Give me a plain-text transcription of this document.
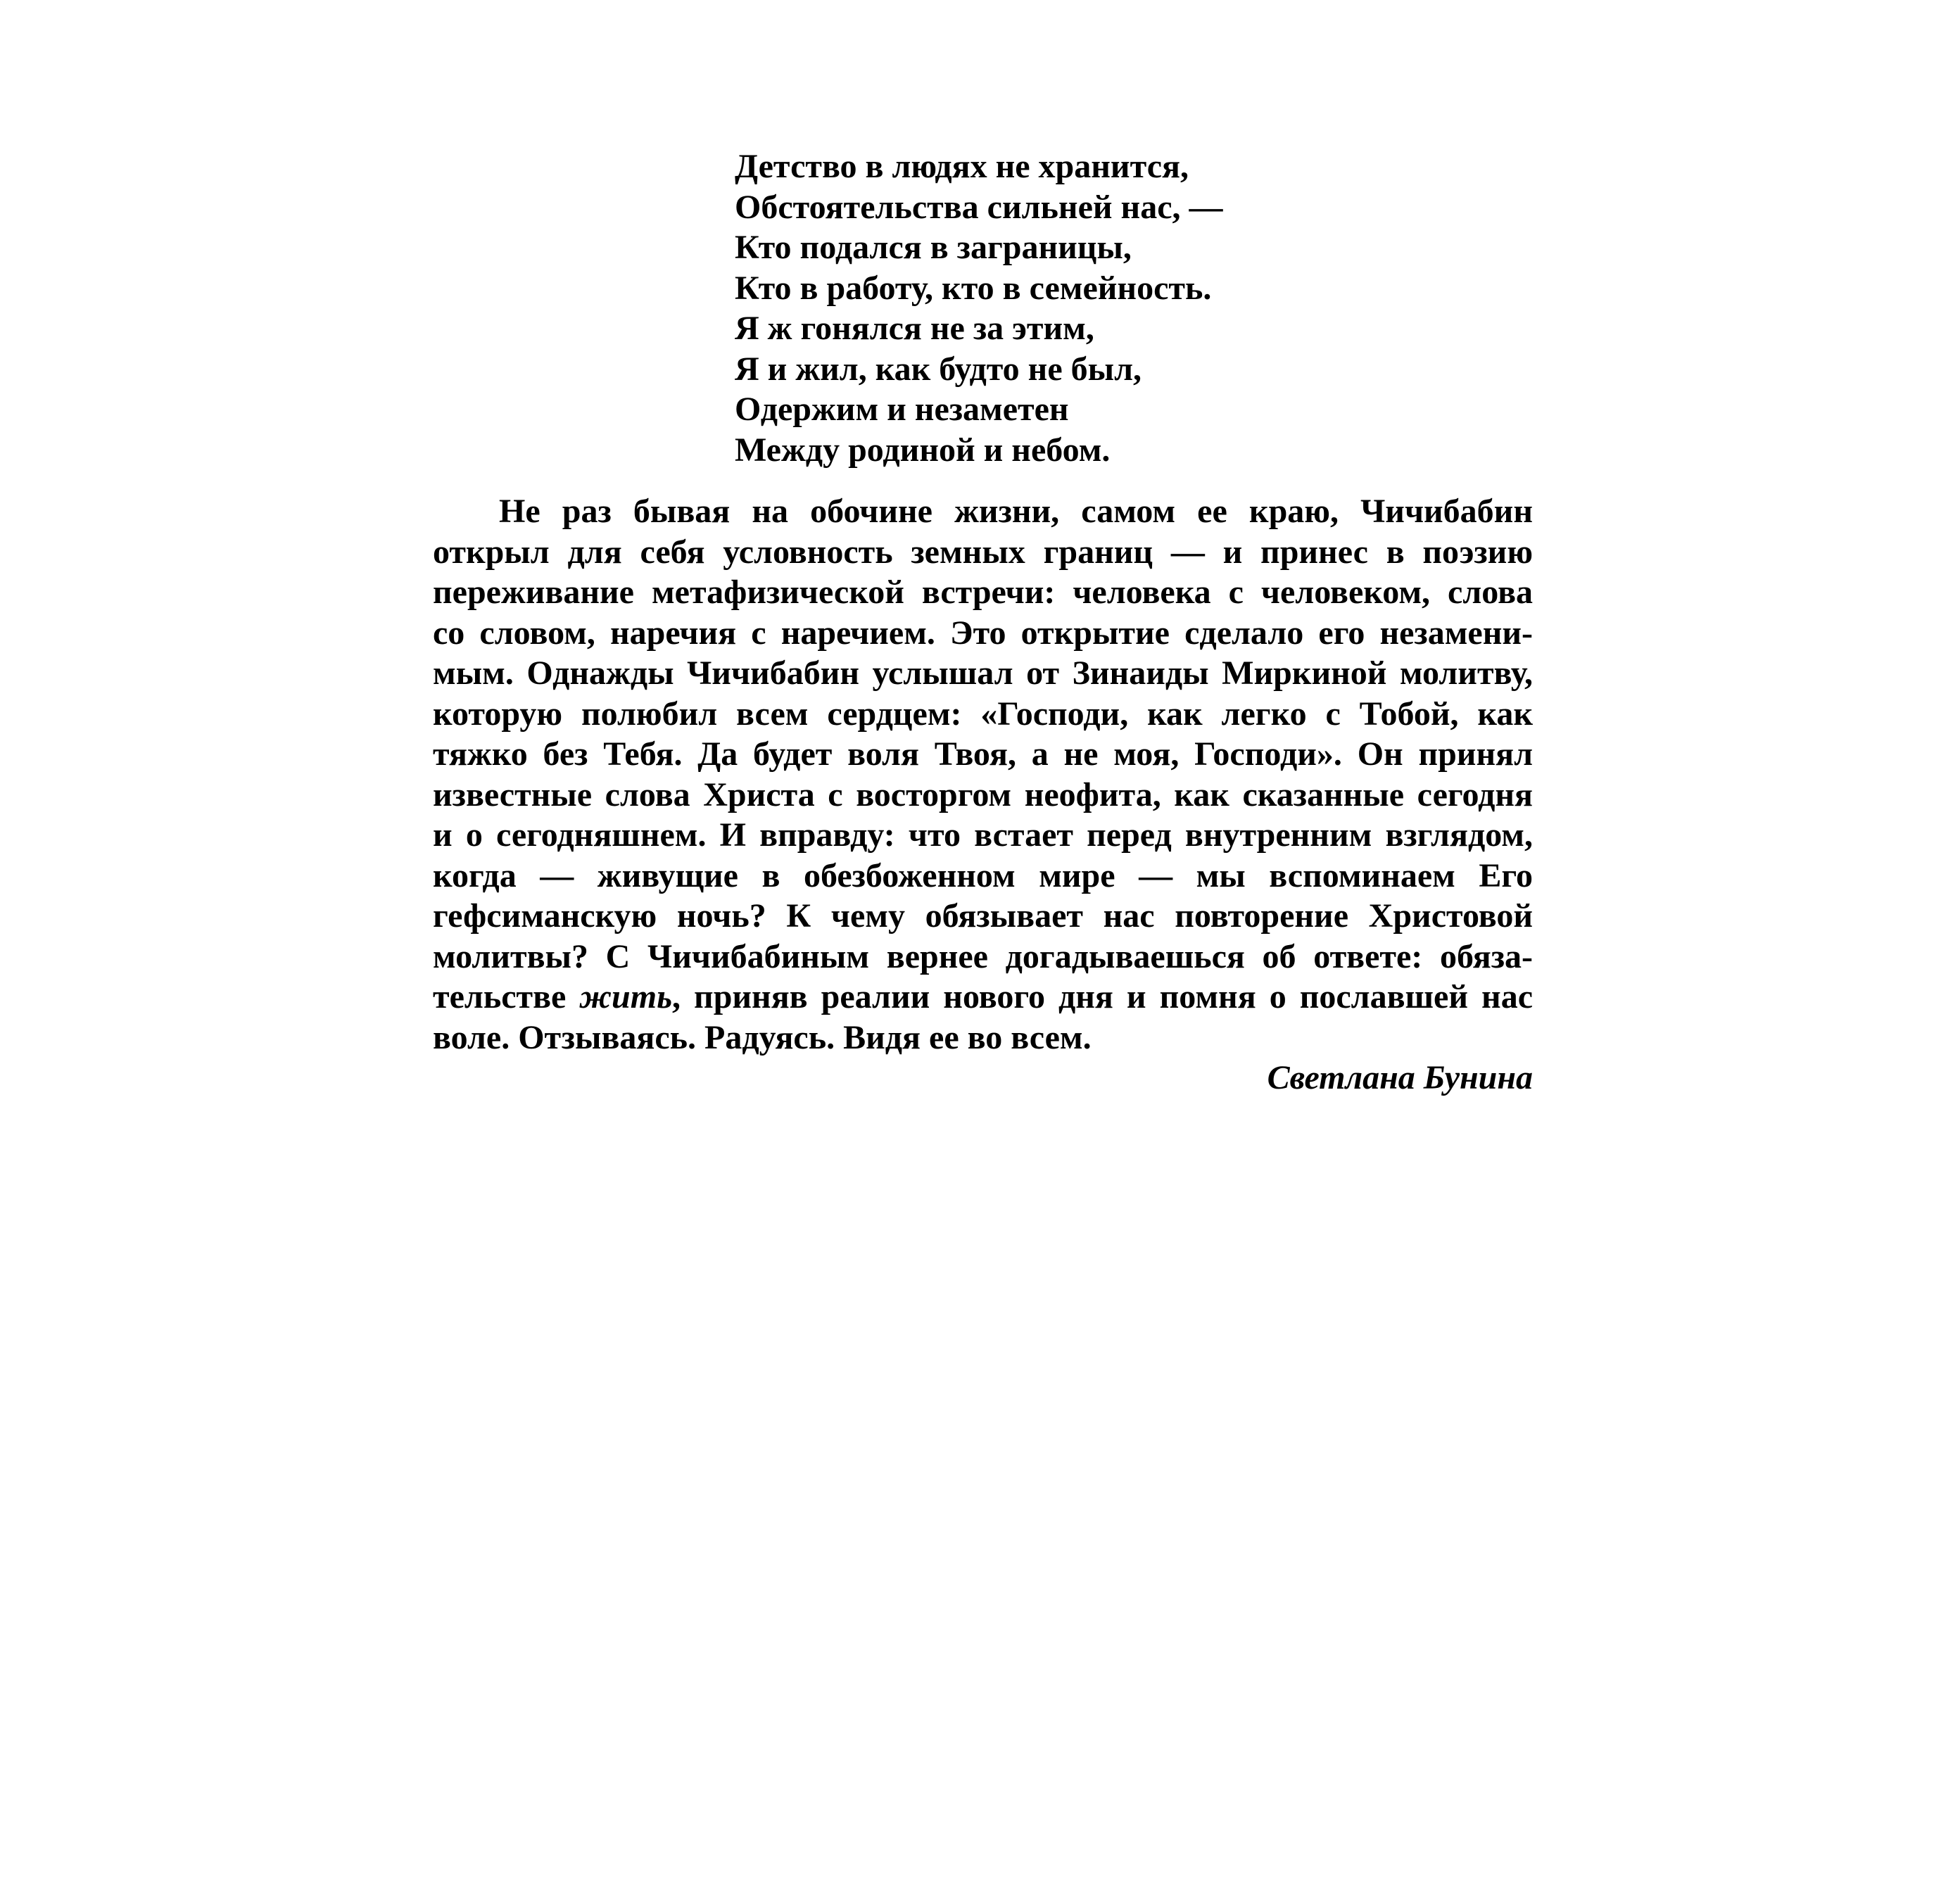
Детство в людях не хранится,
Обстоятельства сильней нас, —
Кто подался в заграницы,
Кто в работу, кто в семейность.
Я ж гонялся не за этим,
Я и жил, как будто не был,
Одержим и незаметен
Между родиной и небом.
Не раз бывая на обочине жизни, самом ее краю, Чичибабин
открыл для себя условность земных границ — и принес в поэзию
переживание метафизической встречи: человека с человеком, слова
со словом, наречия с наречием. Это открытие сделало его незамени-
мым. Однажды Чичибабин услышал от Зинаиды Миркиной молитву,
которую полюбил всем сердцем: «Господи, как легко с Тобой, как
тяжко без Тебя. Да будет воля Твоя, а не моя, Господи». Он принял
известные слова Христа с восторгом неофита, как сказанные сегодня
и о сегодняшнем. И вправду: что встает перед внутренним взглядом,
когда — живущие в обезбоженном мире — мы вспоминаем Его
гефсиманскую ночь? К чему обязывает нас повторение Христовой
молитвы? С Чичибабиным вернее догадываешься об ответе: обяза-
тельстве жить, приняв реалии нового дня и помня о пославшей нас
воле. Отзываясь. Радуясь. Видя ее во всем.
Светлана Бунина
